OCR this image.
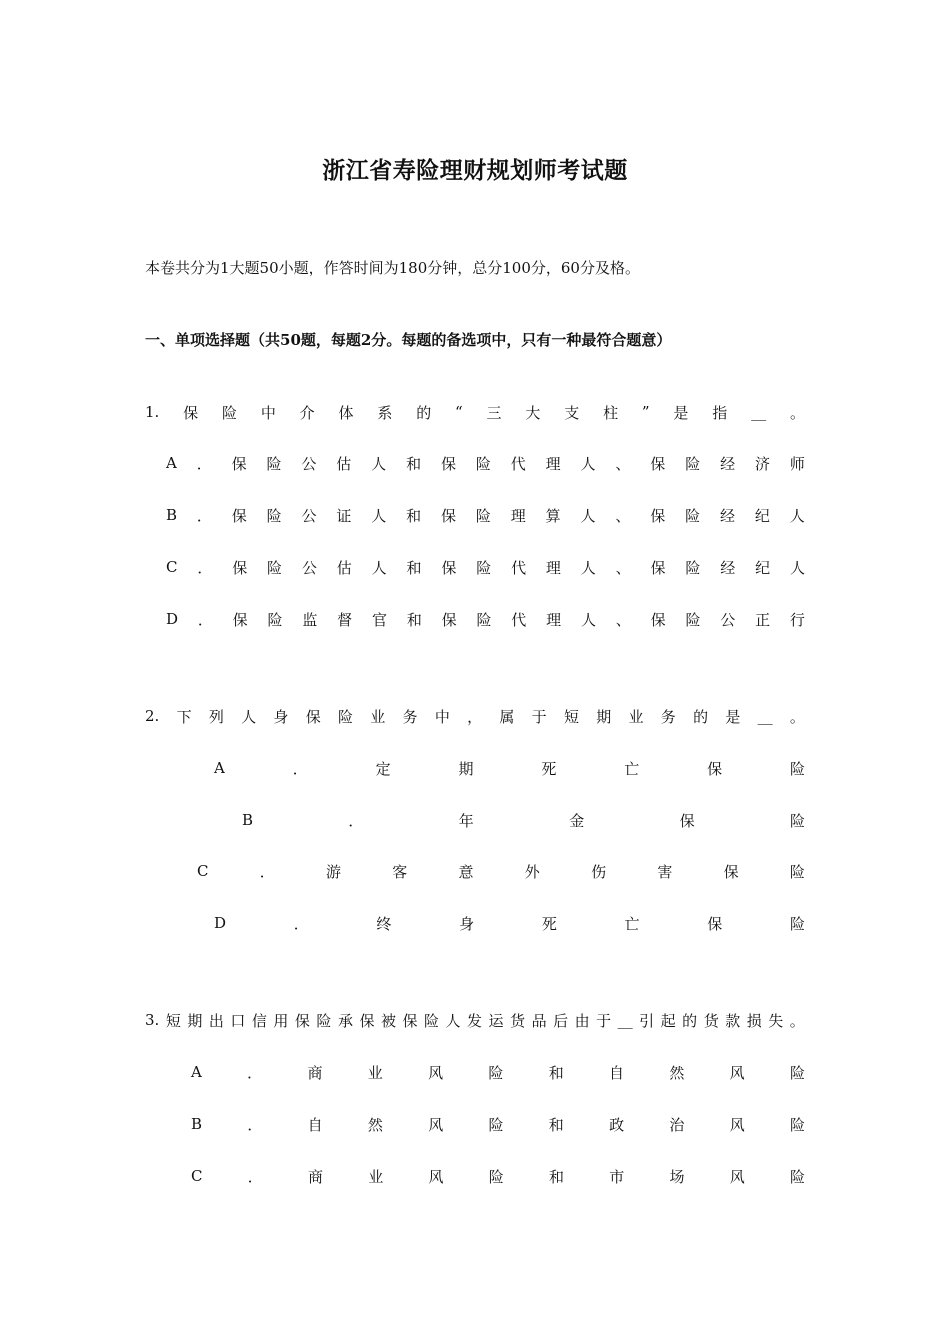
浙江省寿险理财规划师考试题
本卷共分为1大题50小题，作答时间为180分钟，总分100分，60分及格。
一、单项选择题（共50题，每题2分。每题的备选项中，只有一种最符合题意）
1. 保 险 中 介 体 系 的 “ 三 大 支 柱 ” 是 指 __ 。
A ． 保 险 公 估 人 和 保 险 代 理 人 、 保 险 经 济 师
B ． 保 险 公 证 人 和 保 险 理 算 人 、 保 险 经 纪 人
C ． 保 险 公 估 人 和 保 险 代 理 人 、 保 险 经 纪 人
D ． 保 险 监 督 官 和 保 险 代 理 人 、 保 险 公 正 行
2. 下 列 人 身 保 险 业 务 中 ， 属 于 短 期 业 务 的 是 __ 。
A	．	定	期	死	亡	保	险
B	．	年	金	保	险
C	．	游	客	意	外	伤	害	保	险
D	．	终	身	死	亡	保	险
3. 短 期 出 口 信 用 保 险 承 保 被 保 险 人 发 运 货 品 后 由 于 __ 引 起 的 货 款 损 失 。
A	．	商	业	风	险	和	自	然	风	险
B	．	自	然	风	险	和	政	治	风	险
C	．	商	业	风	险	和	市	场	风	险
